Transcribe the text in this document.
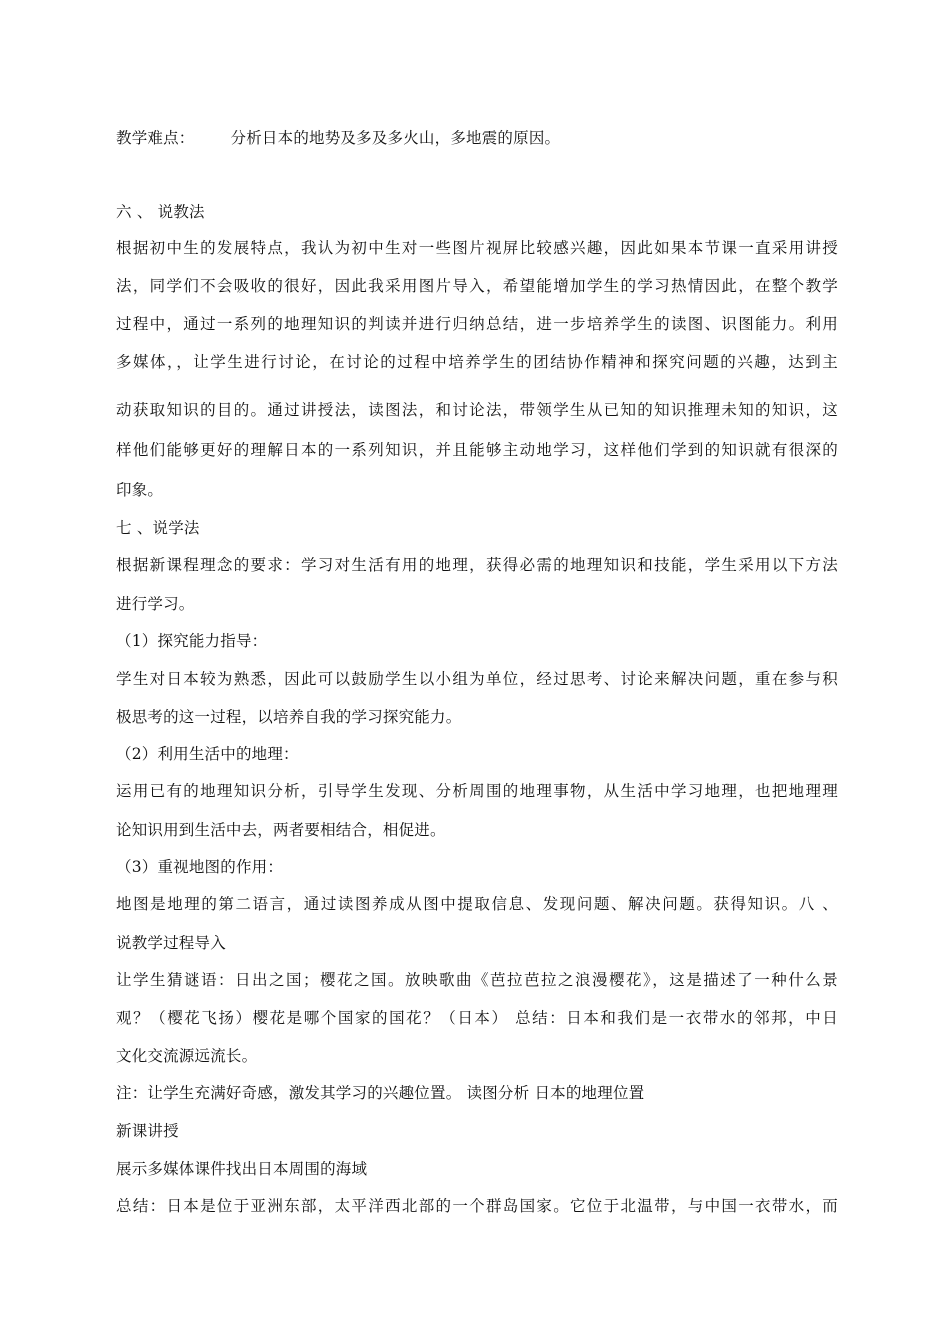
教学难点： 分析日本的地势及多及多火山，多地震的原因。
六 、 说教法
根据初中生的发展特点，我认为初中生对一些图片视屏比较感兴趣，因此如果本节课一直采用讲授
法，同学们不会吸收的很好，因此我采用图片导入，希望能增加学生的学习热情因此，在整个教学
过程中，通过一系列的地理知识的判读并进行归纳总结，进一步培养学生的读图、识图能力。利用
多媒体，，让学生进行讨论，在讨论的过程中培养学生的团结协作精神和探究问题的兴趣，达到主
动获取知识的目的。通过讲授法，读图法，和讨论法，带领学生从已知的知识推理未知的知识，这
样他们能够更好的理解日本的一系列知识，并且能够主动地学习，这样他们学到的知识就有很深的
印象。
七 、说学法
根据新课程理念的要求：学习对生活有用的地理，获得必需的地理知识和技能，学生采用以下方法
进行学习。
（1）探究能力指导：
学生对日本较为熟悉，因此可以鼓励学生以小组为单位，经过思考、讨论来解决问题，重在参与积
极思考的这一过程，以培养自我的学习探究能力。
（2）利用生活中的地理：
运用已有的地理知识分析，引导学生发现、分析周围的地理事物，从生活中学习地理，也把地理理
论知识用到生活中去，两者要相结合，相促进。
（3）重视地图的作用：
地图是地理的第二语言，通过读图养成从图中提取信息、发现问题、解决问题。获得知识。八 、
说教学过程导入
让学生猜谜语：日出之国；樱花之国。放映歌曲《芭拉芭拉之浪漫樱花》，这是描述了一种什么景
观？（樱花飞扬）樱花是哪个国家的国花？（日本） 总结：日本和我们是一衣带水的邻邦，中日
文化交流源远流长。
注：让学生充满好奇感，激发其学习的兴趣位置。 读图分析 日本的地理位置
新课讲授
展示多媒体课件找出日本周围的海域
总结：日本是位于亚洲东部，太平洋西北部的一个群岛国家。它位于北温带，与中国一衣带水，而
